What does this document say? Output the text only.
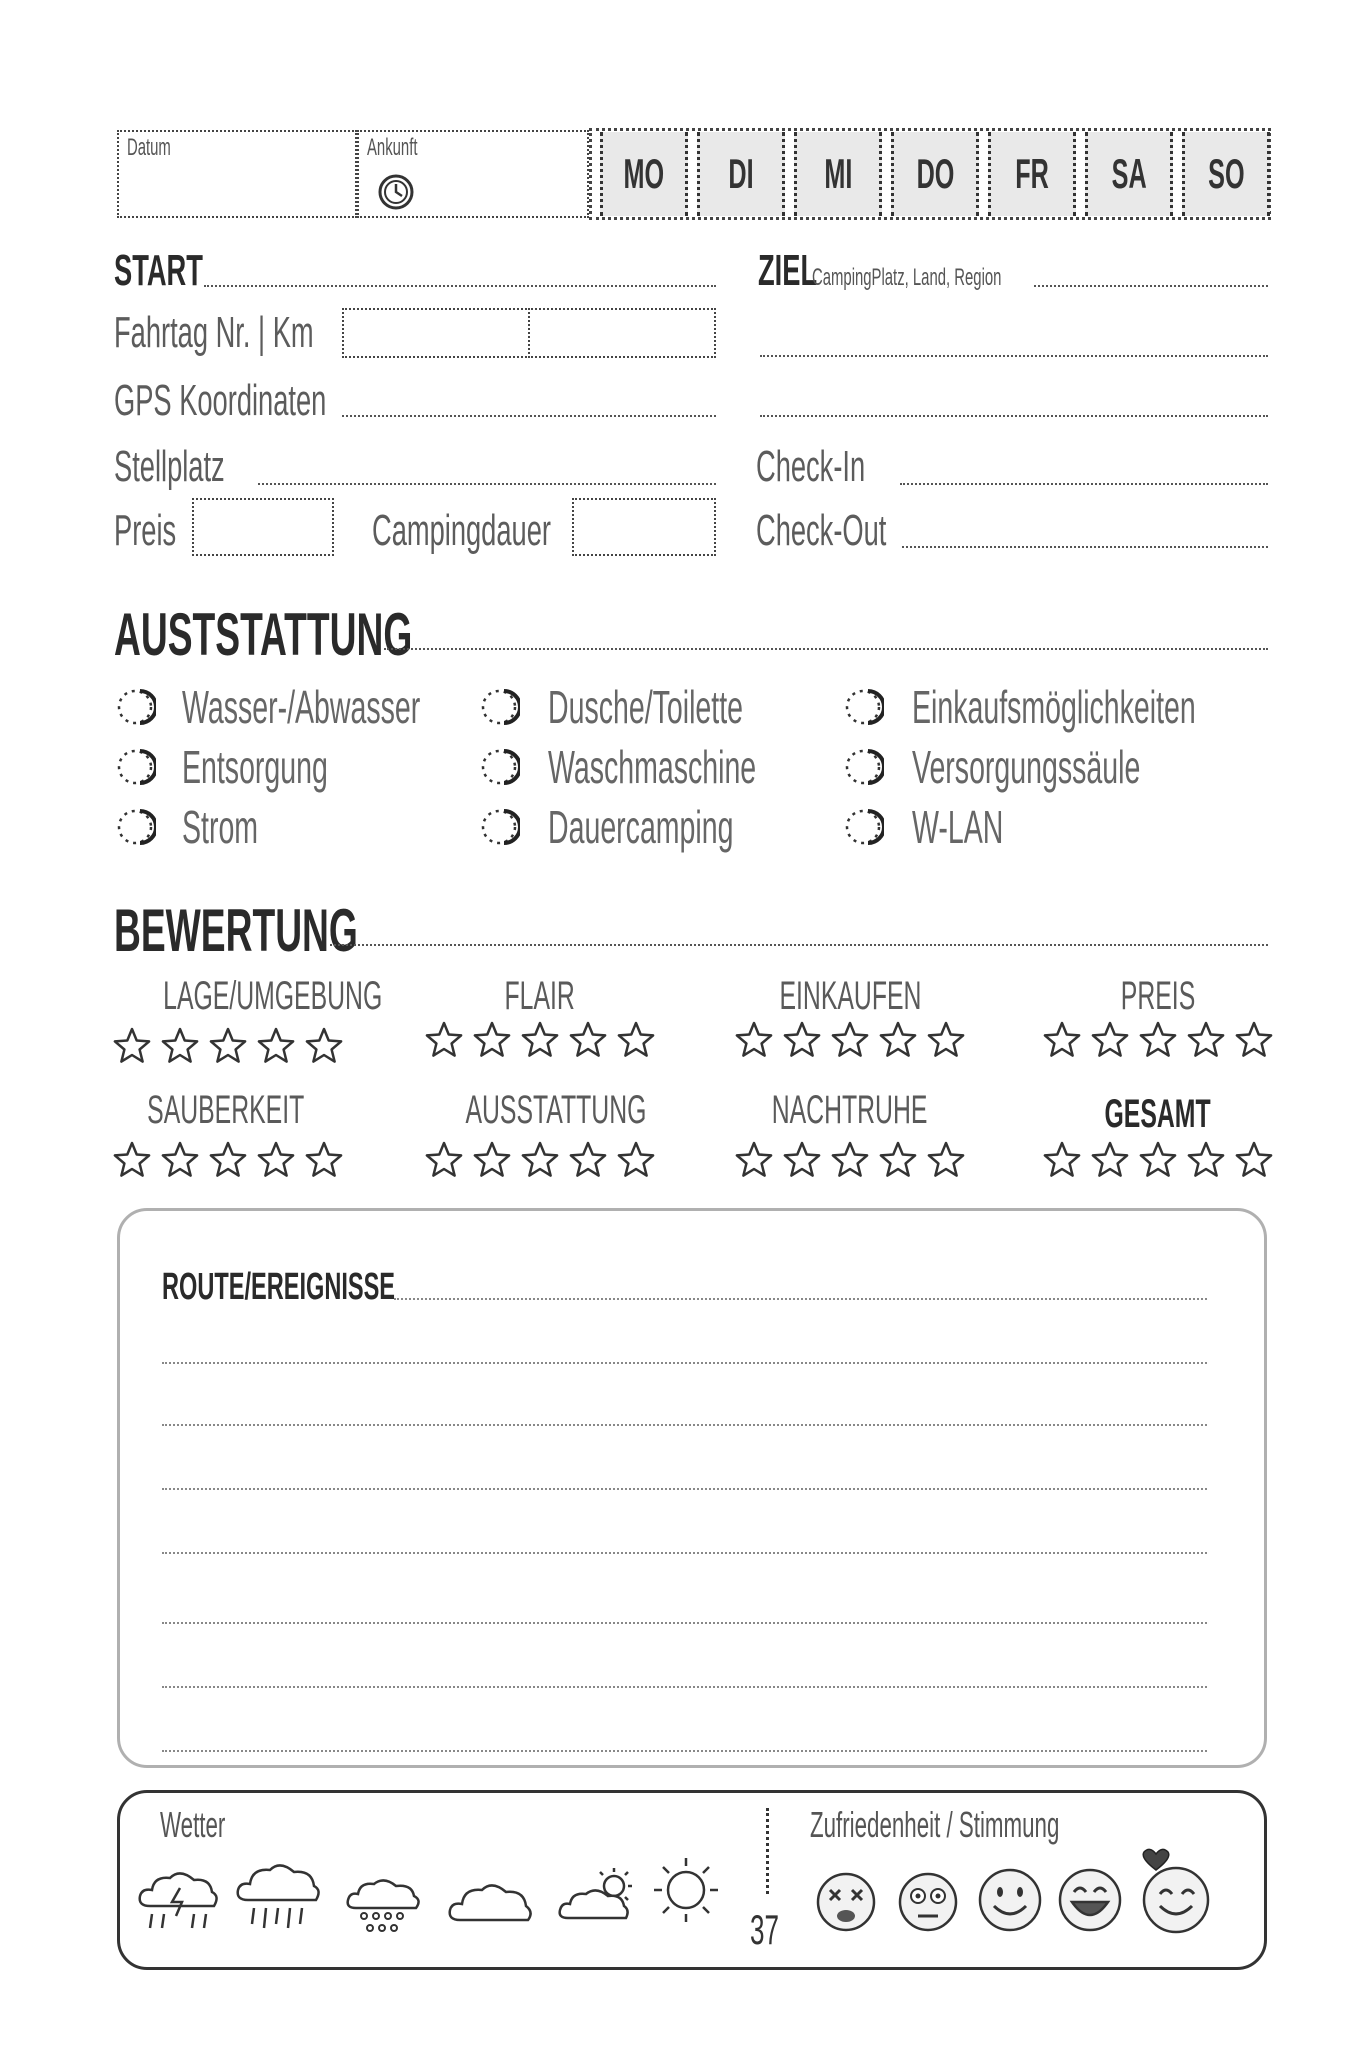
Datum	Ankunft
MO	DI	MI	DO	FR	SA	SO
START	ZIEL
CampingPlatz, Land, Region
Fahrtag Nr. | Km
GPS Koordinaten
Stellplatz	Check-In
Preis	Campingdauer	Check-Out
AUSTSTATTUNG
Wasser-/Abwasser
Entsorgung
Strom
Dusche/Toilette
Waschmaschine
Dauercamping
Einkaufsmöglichkeiten
Versorgungssäule
W-LAN
BEWERTUNG
LAGE/UMGEBUNG	FLAIR	EINKAUFEN	PREIS
SAUBERKEIT	AUSSTATTUNG	NACHTRUHE	GESAMT
ROUTE/EREIGNISSE
Wetter	Zufriedenheit / Stimmung
37
